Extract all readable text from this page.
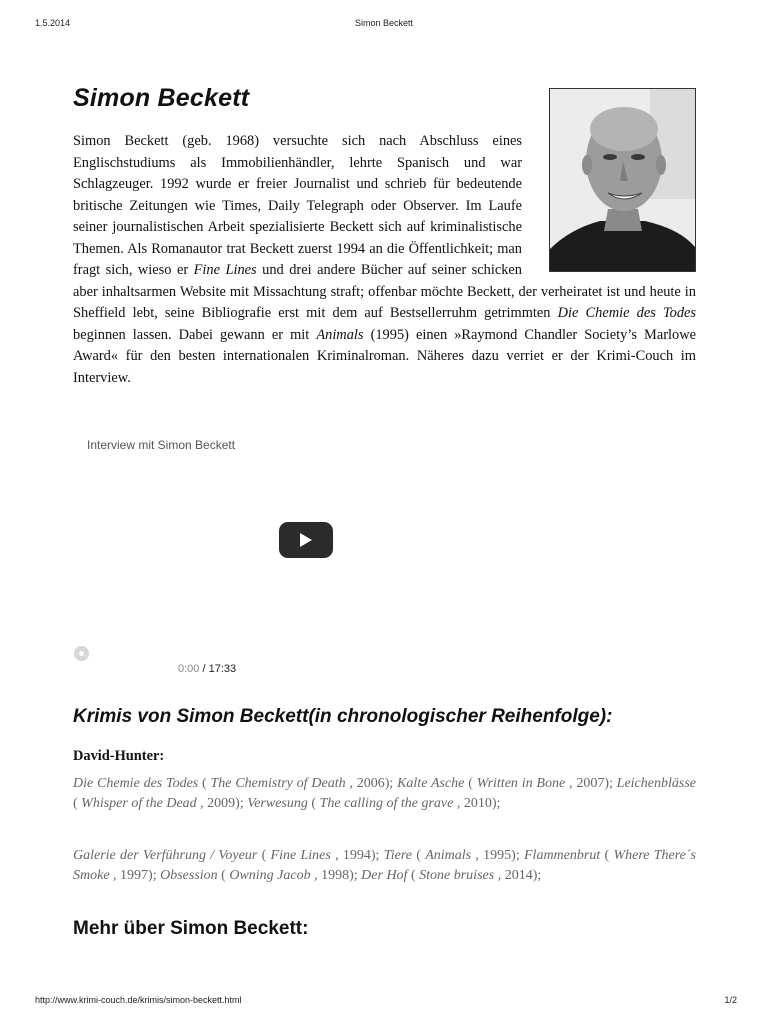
1.5.2014	Simon Beckett
Simon Beckett

Simon Beckett (geb. 1968) versuchte sich nach Abschluss eines Englischstudiums als Immobilienhändler, lehrte Spanisch und war Schlagzeuger. 1992 wurde er freier Journalist und schrieb für bedeutende britische Zeitungen wie Times, Daily Telegraph oder Observer. Im Laufe seiner journalistischen Arbeit spezialisierte Beckett sich auf kriminalistische Themen. Als Romanautor trat Beckett zuerst 1994 an die Öffentlichkeit; man fragt sich, wieso er Fine Lines und drei andere Bücher auf seiner schicken aber inhaltsarmen Website mit Missachtung straft; offenbar möchte Beckett, der verheiratet ist und heute in Sheffield lebt, seine Bibliografie erst mit dem auf Bestsellerruhm getrimmten Die Chemie des Todes beginnen lassen. Dabei gewann er mit Animals (1995) einen »Raymond Chandler Society’s Marlowe Award« für den besten internationalen Kriminalroman. Näheres dazu verriet er der Krimi-Couch im Interview.

Interview mit Simon Beckett
0:00 / 17:33
Krimis von Simon Beckett(in chronologischer Reihenfolge):

David-Hunter:

Die Chemie des Todes ( The Chemistry of Death , 2006); Kalte Asche ( Written in Bone , 2007); Leichenblässe ( Whisper of the Dead , 2009); Verwesung ( The calling of the grave , 2010);

Galerie der Verführung / Voyeur ( Fine Lines , 1994); Tiere ( Animals , 1995); Flammenbrut ( Where There´s Smoke , 1997); Obsession ( Owning Jacob , 1998); Der Hof ( Stone bruises , 2014);

Mehr über Simon Beckett:
http://www.krimi-couch.de/krimis/simon-beckett.html	1/2
